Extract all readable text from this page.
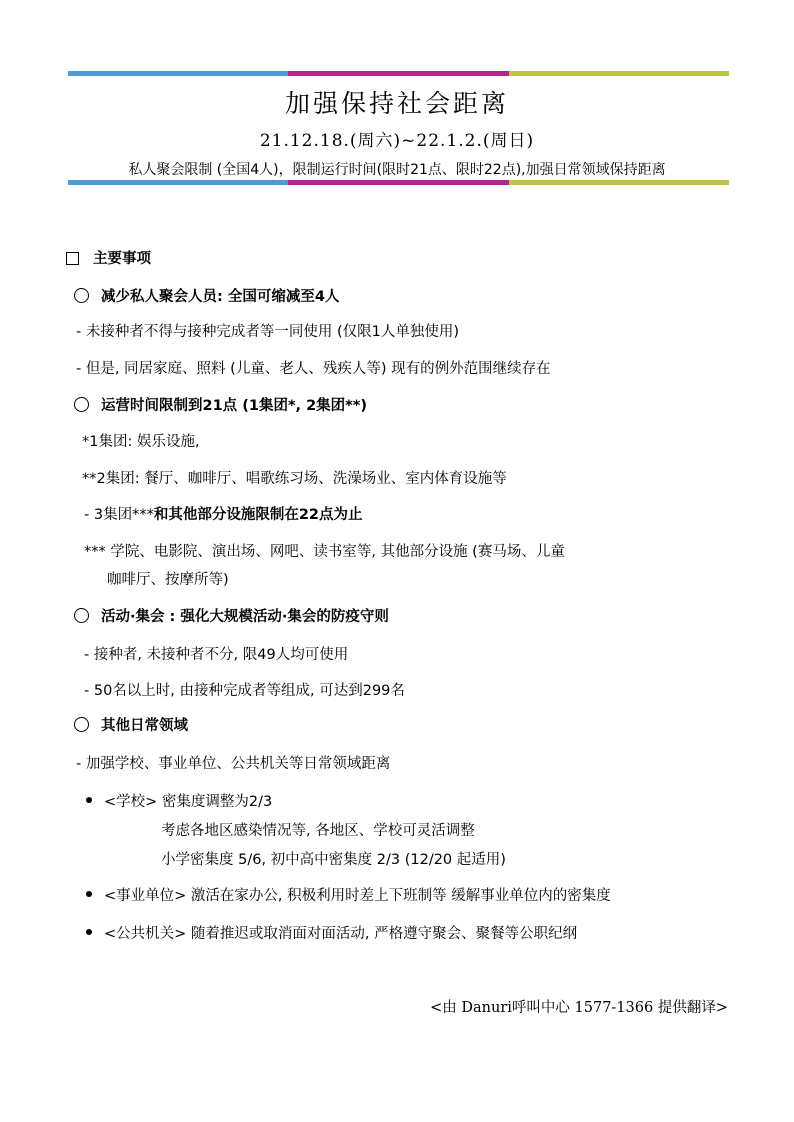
加强保持社会距离
21.12.18.(周六)~22.1.2.(周日)
私人聚会限制 (全国4人)，限制运行时间(限时21点、限时22点),加强日常领域保持距离
主要事项
减少私人聚会人员: 全国可缩减至4人
- 未接种者不得与接种完成者等一同使用 (仅限1人单独使用)
- 但是, 同居家庭、照料 (儿童、老人、残疾人等) 现有的例外范围继续存在
运营时间限制到21点 (1集团*, 2集团**)
*1集团: 娱乐设施,
**2集团: 餐厅、咖啡厅、唱歌练习场、洗澡场业、室内体育设施等
- 3集团***和其他部分设施限制在22点为止
*** 学院、电影院、演出场、网吧、读书室等, 其他部分设施 (赛马场、儿童
咖啡厅、按摩所等)
活动·集会 : 强化大规模活动·集会的防疫守则
- 接种者, 未接种者不分, 限49人均可使用
- 50名以上时, 由接种完成者等组成, 可达到299名
其他日常领域
- 加强学校、事业单位、公共机关等日常领域距离
<学校> 密集度调整为2/3
考虑各地区感染情况等, 各地区、学校可灵活调整
小学密集度 5/6, 初中高中密集度 2/3 (12/20 起适用)
<事业单位> 激活在家办公, 积极利用时差上下班制等 缓解事业单位内的密集度
<公共机关> 随着推迟或取消面对面活动, 严格遵守聚会、聚餐等公职纪纲
<由 Danuri呼叫中心 1577-1366 提供翻译>
